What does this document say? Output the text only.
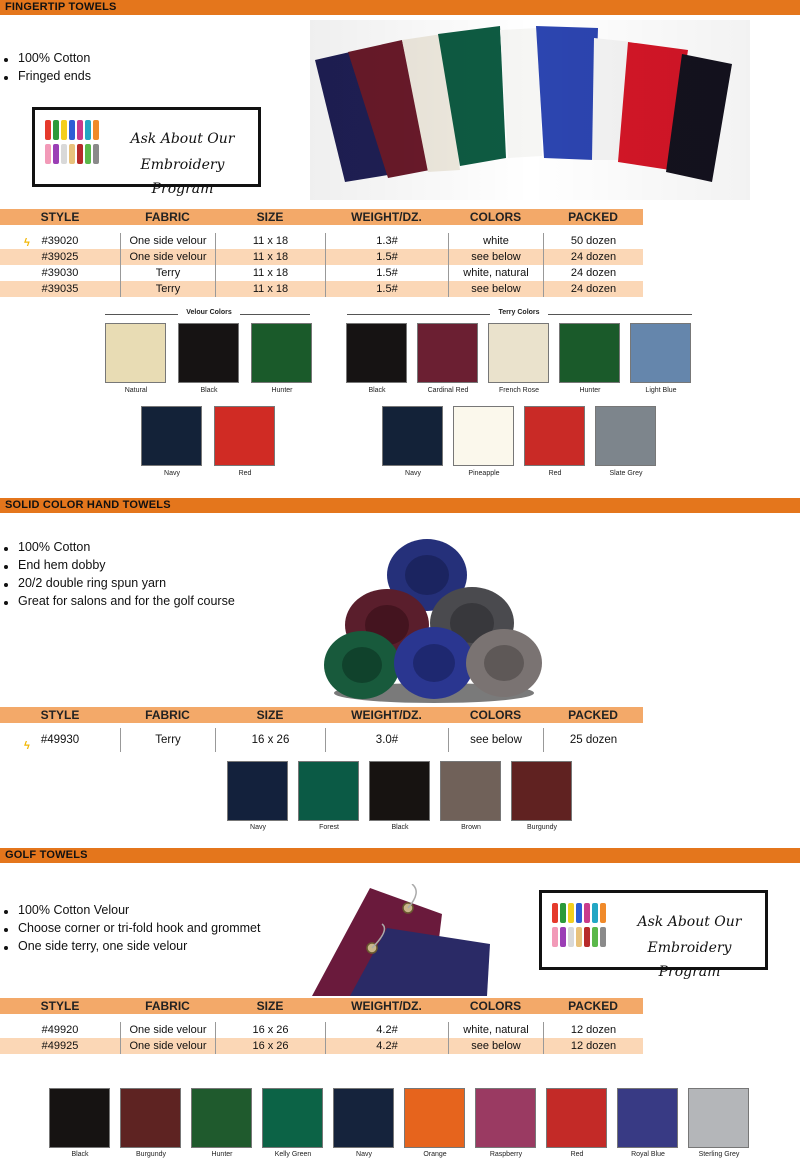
FINGERTIP TOWELS
100% Cotton
Fringed ends
Ask About Our
Embroidery Program
STYLE	FABRIC	SIZE	WEIGHT/DZ.	COLORS	PACKED
ϟ #39020	One side velour	11 x 18	1.3#	white	50 dozen
#39025	One side velour	11 x 18	1.5#	see below	24 dozen
#39030	Terry	11 x 18	1.5#	white, natural	24 dozen
#39035	Terry	11 x 18	1.5#	see below	24 dozen
Velour Colors	Terry Colors
Natural	Black	Hunter
Navy	Red
Black	Cardinal Red	French Rose	Hunter	Light Blue
Navy	Pineapple	Red	Slate Grey
SOLID COLOR HAND TOWELS
100% Cotton
End hem dobby
20/2 double ring spun yarn
Great for salons and for the golf course
STYLE	FABRIC	SIZE	WEIGHT/DZ.	COLORS	PACKED
ϟ #49930	Terry	16 x 26	3.0#	see below	25 dozen
Navy	Forest	Black	Brown	Burgundy
GOLF TOWELS
100% Cotton Velour
Choose corner or tri-fold hook and grommet
One side terry, one side velour
Ask About Our
Embroidery Program
STYLE	FABRIC	SIZE	WEIGHT/DZ.	COLORS	PACKED
#49920	One side velour	16 x 26	4.2#	white, natural	12 dozen
#49925	One side velour	16 x 26	4.2#	see below	12 dozen
Black	Burgundy	Hunter	Kelly Green	Navy	Orange	Raspberry	Red	Royal Blue	Sterling Grey
